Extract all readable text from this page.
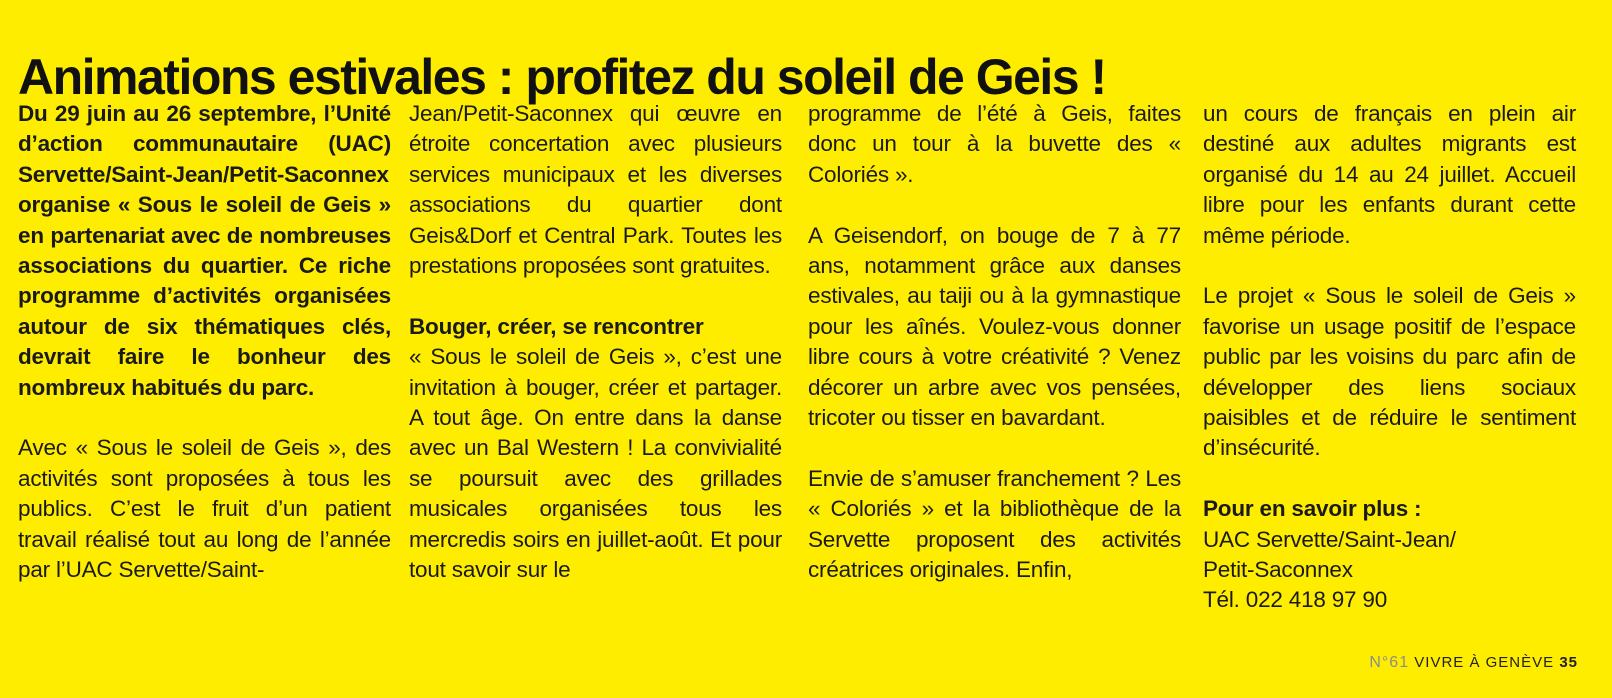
Animations estivales : profitez du soleil de Geis !

Du 29 juin au 26 septembre, l’Unité d’action communautaire (UAC) Servette/Saint-Jean/Petit-Saconnex organise « Sous le soleil de Geis » en partenariat avec de nombreuses associations du quartier. Ce riche programme d’activités organisées autour de six thématiques clés, devrait faire le bonheur des nombreux habitués du parc.

Avec « Sous le soleil de Geis », des activités sont proposées à tous les publics. C’est le fruit d’un patient travail réalisé tout au long de l’année par l’UAC Servette/Saint-

Jean/Petit-Saconnex qui œuvre en étroite concertation avec plusieurs services municipaux et les diverses associations du quartier dont Geis&Dorf et Central Park. Toutes les prestations proposées sont gratuites.

Bouger, créer, se rencontrer
« Sous le soleil de Geis », c’est une invitation à bouger, créer et partager. A tout âge. On entre dans la danse avec un Bal Western ! La convivialité se poursuit avec des grillades musicales organisées tous les mercredis soirs en juillet-août. Et pour tout savoir sur le

programme de l’été à Geis, faites donc un tour à la buvette des « Coloriés ».

A Geisendorf, on bouge de 7 à 77 ans, notamment grâce aux danses estivales, au taiji ou à la gymnastique pour les aînés. Voulez-vous donner libre cours à votre créativité ? Venez décorer un arbre avec vos pensées, tricoter ou tisser en bavardant.

Envie de s’amuser franchement ? Les « Coloriés » et la bibliothèque de la Servette proposent des activités créatrices originales. Enfin,

un cours de français en plein air destiné aux adultes migrants est organisé du 14 au 24 juillet. Accueil libre pour les enfants durant cette même période.

Le projet « Sous le soleil de Geis » favorise un usage positif de l’espace public par les voisins du parc afin de développer des liens sociaux paisibles et de réduire le sentiment d’insécurité.

Pour en savoir plus :
UAC Servette/Saint-Jean/
Petit-Saconnex
Tél. 022 418 97 90

N°61 VIVRE À GENÈVE 35
